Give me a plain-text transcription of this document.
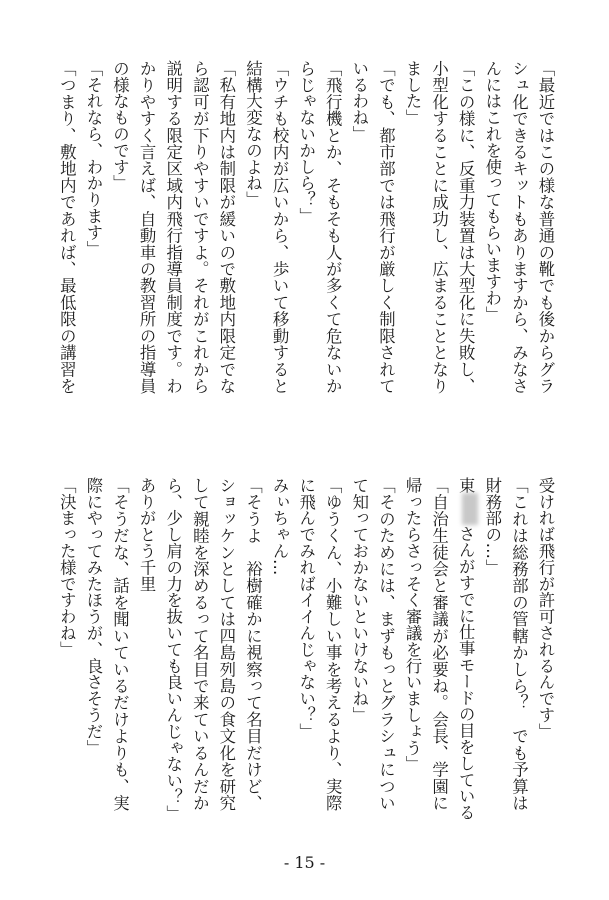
「最近ではこの様な普通の靴でも後からグラ
シュ化できるキットもありますから、みなさ
んにはこれを使ってもらいますわ」
「この様に、反重力装置は大型化に失敗し、
小型化することに成功し、広まることとなり
ました」
「でも、都市部では飛行が厳しく制限されて
いるわね」
「飛行機とか、そもそも人が多くて危ないか
らじゃないかしら？」
「ウチも校内が広いから、歩いて移動すると
結構大変なのよね」
「私有地内は制限が緩いので敷地内限定でな
ら認可が下りやすいですよ。それがこれから
説明する限定区域内飛行指導員制度です。わ
かりやすく言えば、自動車の教習所の指導員
の様なものです」
「それなら、わかります」
「つまり、敷地内であれば、最低限の講習を
受ければ飛行が許可されるんです」
「これは総務部の管轄かしら？　でも予算は
財務部の…」
東さんがすでに仕事モードの目をしている
「自治生徒会と審議が必要ね。会長、学園に
帰ったらさっそく審議を行いましょう」
「そのためには、まずもっとグラシュについ
て知っておかないといけないね」
「ゆうくん、小難しい事を考えるより、実際
に飛んでみればイイんじゃない？」
みぃちゃん…
「そうよ　裕樹確かに視察って名目だけど、
ショッケンとしては四島列島の食文化を研究
して親睦を深めるって名目で来ているんだか
ら、少し肩の力を抜いても良いんじゃない？」
ありがとう千里
「そうだな、話を聞いているだけよりも、実
際にやってみたほうが、良さそうだ」
「決まった様ですわね」
- 15 -
